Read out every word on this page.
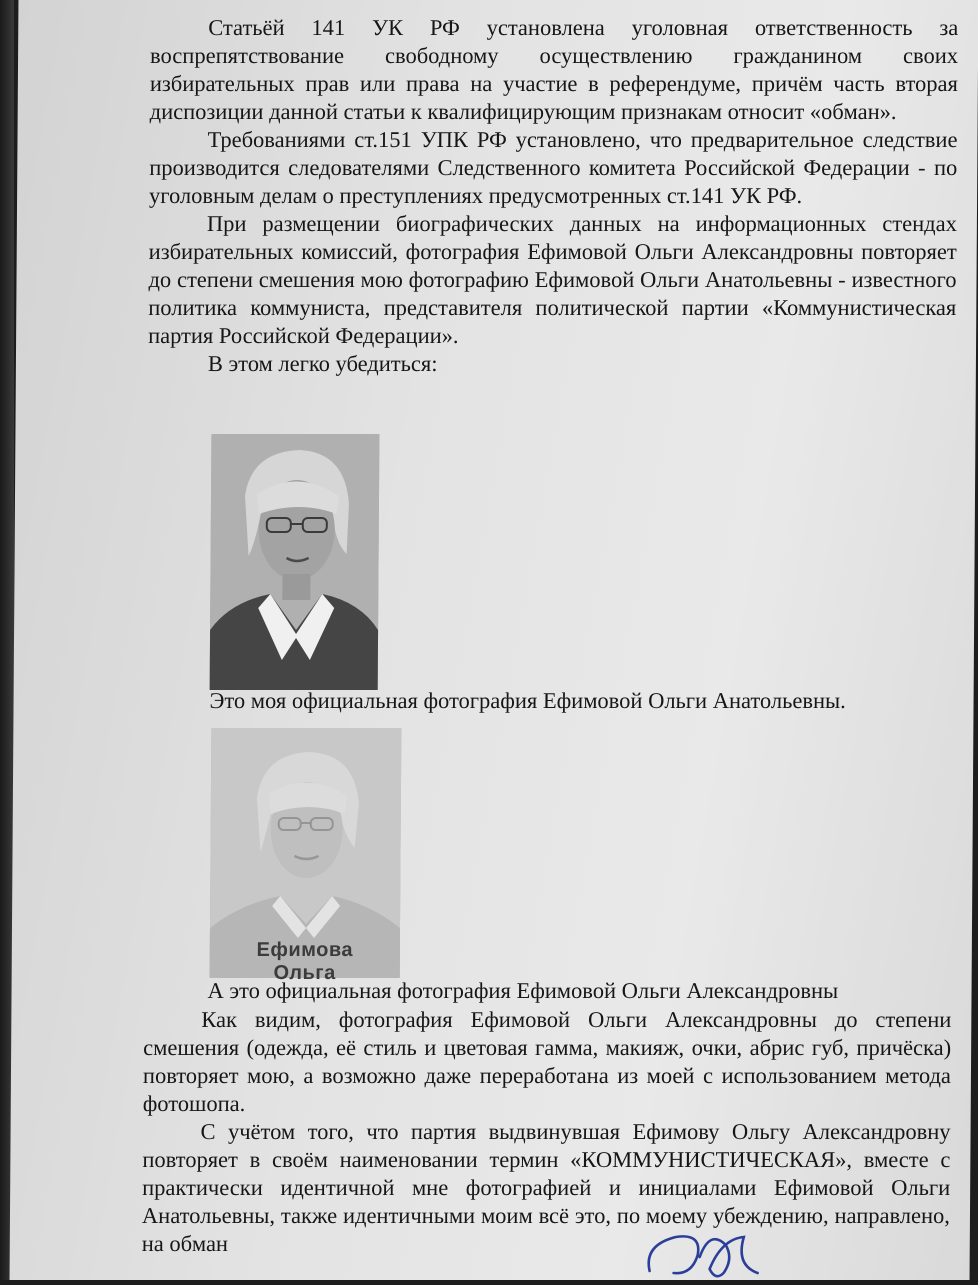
Статьёй 141 УК РФ установлена уголовная ответственность за воспрепятствование свободному осуществлению гражданином своих избирательных прав или права на участие в референдуме, причём часть вторая диспозиции данной статьи к квалифицирующим признакам относит «обман».

Требованиями ст.151 УПК РФ установлено, что предварительное следствие производится следователями Следственного комитета Российской Федерации - по уголовным делам о преступлениях предусмотренных ст.141 УК РФ.

При размещении биографических данных на информационных стендах избирательных комиссий, фотография Ефимовой Ольги Александровны повторяет до степени смешения мою фотографию Ефимовой Ольги Анатольевны - известного политика коммуниста, представителя политической партии «Коммунистическая партия Российской Федерации».

В этом легко убедиться:

Это моя официальная фотография Ефимовой Ольги Анатольевны.
Ефимова
А это официальная фотография Ефимовой Ольги Александровны

Как видим, фотография Ефимовой Ольги Александровны до степени смешения (одежда, её стиль и цветовая гамма, макияж, очки, абрис губ, причёска) повторяет мою, а возможно даже переработана из моей с использованием метода фотошопа.

С учётом того, что партия выдвинувшая Ефимову Ольгу Александровну повторяет в своём наименовании термин «КОММУНИСТИЧЕСКАЯ», вместе с практически идентичной мне фотографией и инициалами Ефимовой Ольги Анатольевны, также идентичными моим всё это, по моему убеждению, направлено, на обман
